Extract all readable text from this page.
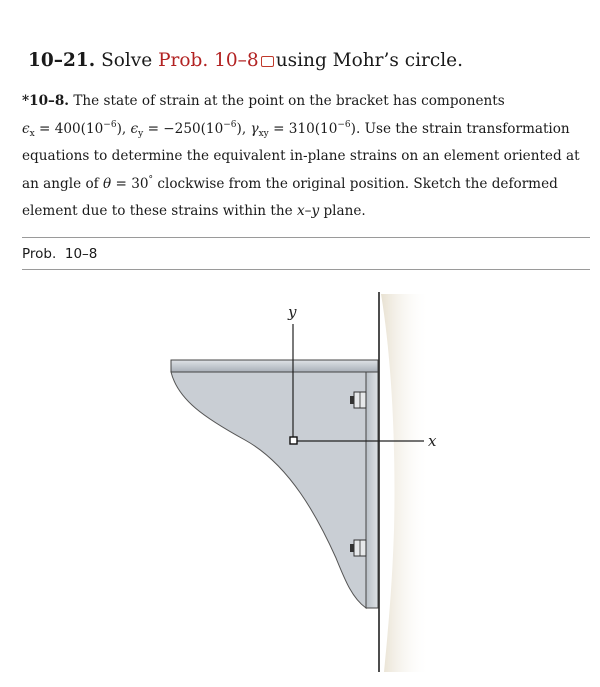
10–21. Solve Prob. 10–8 using Mohr’s circle.

*10–8. The state of strain at the point on the bracket has components

$\epsilon_x = 400(10^{-6})$, $\epsilon_y = -250(10^{-6})$, $\gamma_{xy} = 310(10^{-6})$. Use the strain transformation

equations to determine the equivalent in-plane strains on an element oriented at

an angle of θ = 30° clockwise from the original position. Sketch the deformed

element due to these strains within the x–y plane.

Prob. 10–8
y
x
